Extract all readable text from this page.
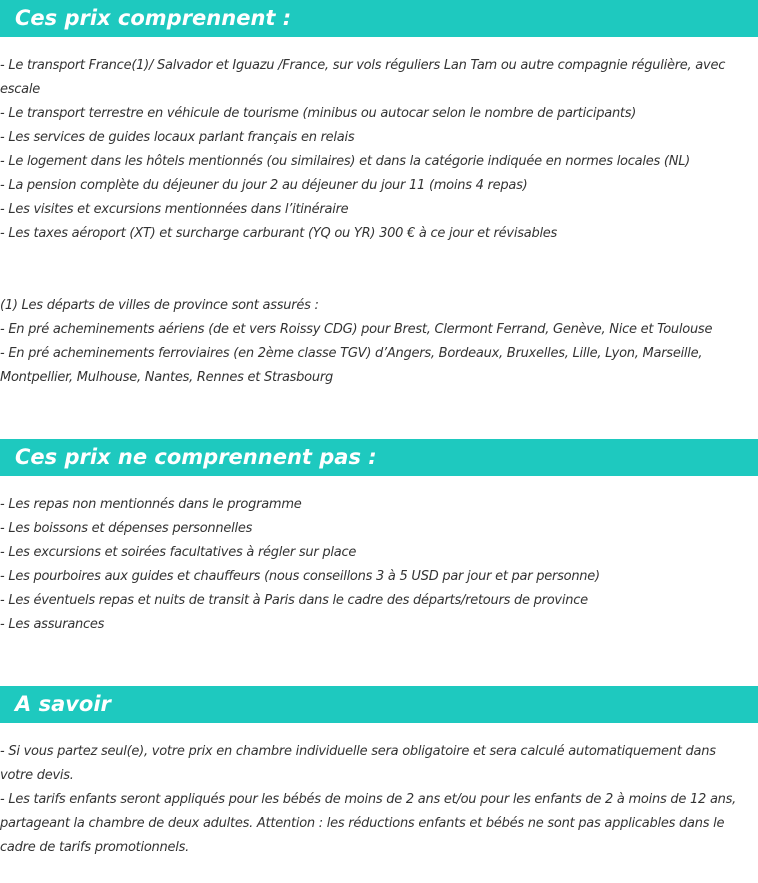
Ces prix comprennent :
- Le transport France(1)/ Salvador et Iguazu /France, sur vols réguliers Lan Tam ou autre compagnie régulière, avec escale
- Le transport terrestre en véhicule de tourisme (minibus ou autocar selon le nombre de participants)
- Les services de guides locaux parlant français en relais
- Le logement dans les hôtels mentionnés (ou similaires) et dans la catégorie indiquée en normes locales (NL)
- La pension complète du déjeuner du jour 2 au déjeuner du jour 11 (moins 4 repas)
- Les visites et excursions mentionnées dans l’itinéraire
- Les taxes aéroport (XT) et surcharge carburant (YQ ou YR) 300 € à ce jour et révisables
(1) Les départs de villes de province sont assurés :
- En pré acheminements aériens (de et vers Roissy CDG) pour Brest, Clermont Ferrand, Genève, Nice et Toulouse
- En pré acheminements ferroviaires (en 2ème classe TGV) d’Angers, Bordeaux, Bruxelles, Lille, Lyon, Marseille, Montpellier, Mulhouse, Nantes, Rennes et Strasbourg
Ces prix ne comprennent pas :
- Les repas non mentionnés dans le programme
- Les boissons et dépenses personnelles
- Les excursions et soirées facultatives à régler sur place
- Les pourboires aux guides et chauffeurs (nous conseillons 3 à 5 USD par jour et par personne)
- Les éventuels repas et nuits de transit à Paris dans le cadre des départs/retours de province
- Les assurances
A savoir
- Si vous partez seul(e), votre prix en chambre individuelle sera obligatoire et sera calculé automatiquement dans votre devis.
- Les tarifs enfants seront appliqués pour les bébés de moins de 2 ans et/ou pour les enfants de 2 à moins de 12 ans, partageant la chambre de deux adultes. Attention : les réductions enfants et bébés ne sont pas applicables dans le cadre de tarifs promotionnels.
